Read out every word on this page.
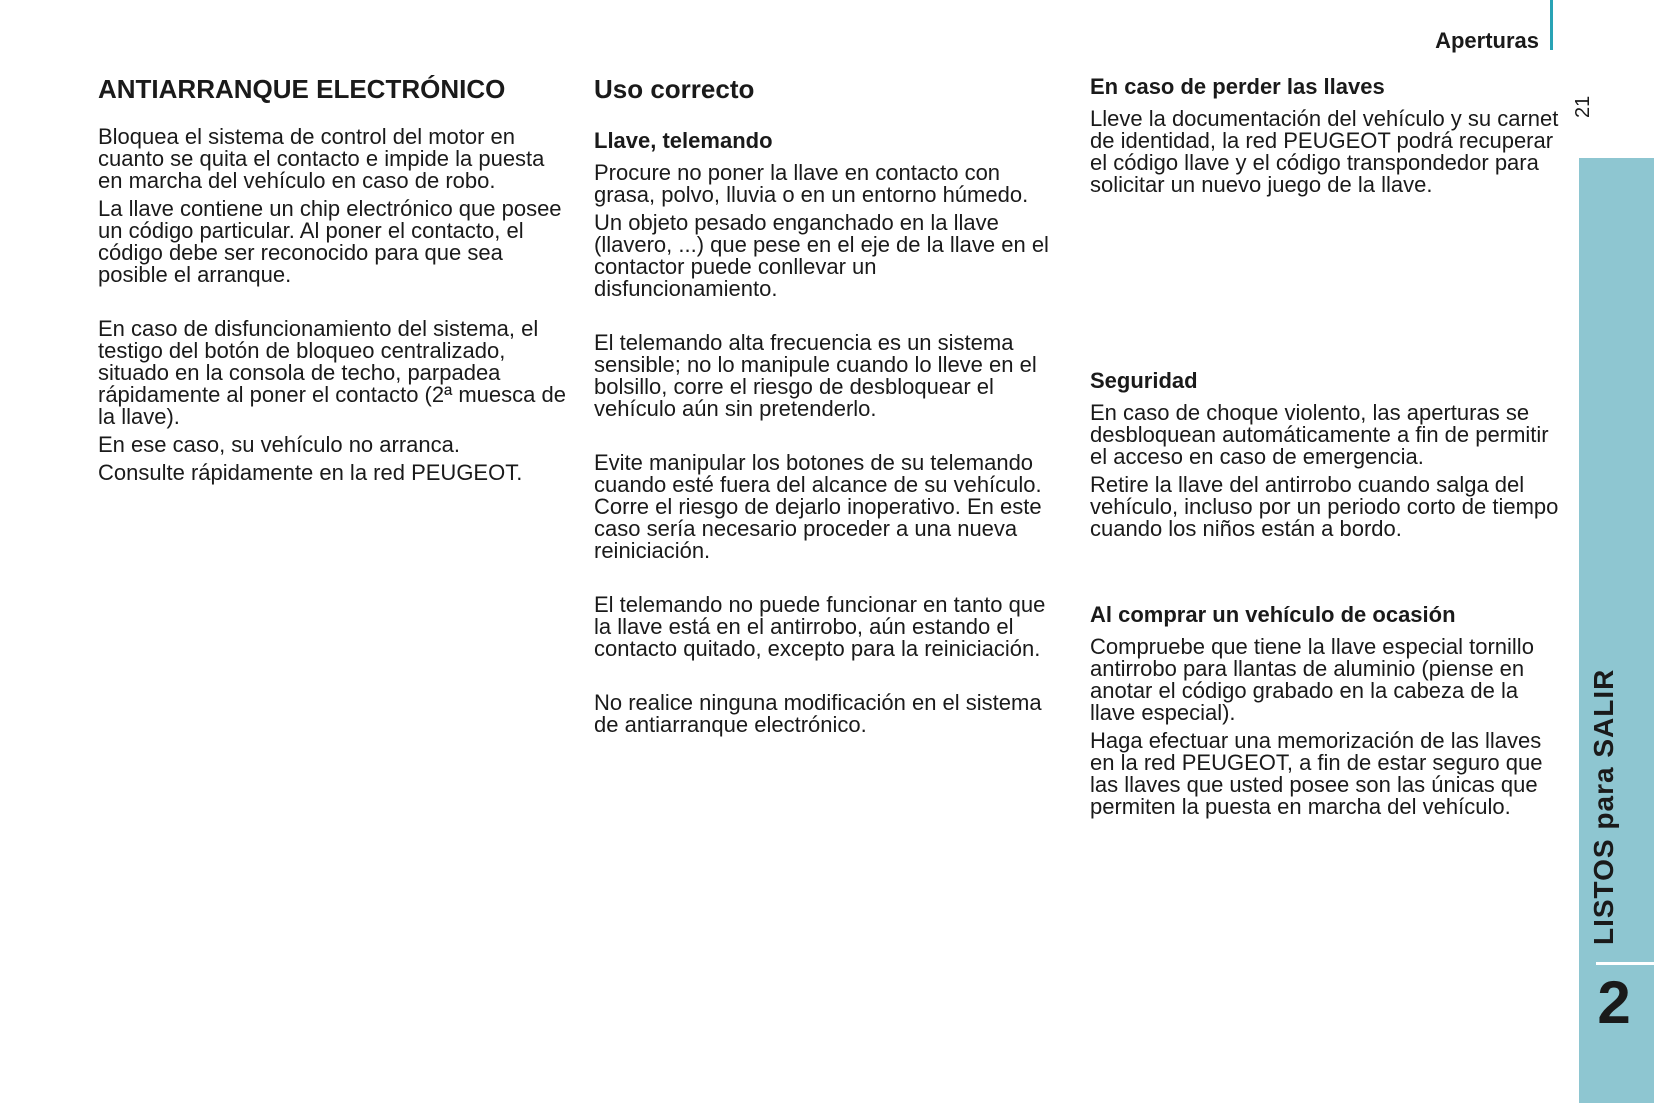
Aperturas
21
LISTOS para SALIR
2
ANTIARRANQUE ELECTRÓNICO

Bloquea el sistema de control del motor en cuanto se quita el contacto e impide la puesta en marcha del vehículo en caso de robo.

La llave contiene un chip electrónico que posee un código particular. Al poner el contacto, el código debe ser reconocido para que sea posible el arranque.

En caso de disfuncionamiento del sistema, el testigo del botón de bloqueo centralizado, situado en la consola de techo, parpadea rápidamente al poner el contacto (2ª muesca de la llave).

En ese caso, su vehículo no arranca.

Consulte rápidamente en la red PEUGEOT.

Uso correcto
Llave, telemando

Procure no poner la llave en contacto con grasa, polvo, lluvia o en un entorno húmedo.

Un objeto pesado enganchado en la llave (llavero, ...) que pese en el eje de la llave en el contactor puede conllevar un disfuncionamiento.

El telemando alta frecuencia es un sistema sensible; no lo manipule cuando lo lleve en el bolsillo, corre el riesgo de desbloquear el vehículo aún sin pretenderlo.

Evite manipular los botones de su telemando cuando esté fuera del alcance de su vehículo. Corre el riesgo de dejarlo inoperativo. En este caso sería necesario proceder a una nueva reiniciación.

El telemando no puede funcionar en tanto que la llave está en el antirrobo, aún estando el contacto quitado, excepto para la reiniciación.

No realice ninguna modificación en el sistema de antiarranque electrónico.

En caso de perder las llaves

Lleve la documentación del vehículo y su carnet de identidad, la red PEUGEOT podrá recuperar el código llave y el código transpondedor para solicitar un nuevo juego de la llave.

Seguridad

En caso de choque violento, las aperturas se desbloquean automáticamente a fin de permitir el acceso en caso de emergencia.

Retire la llave del antirrobo cuando salga del vehículo, incluso por un periodo corto de tiempo cuando los niños están a bordo.

Al comprar un vehículo de ocasión

Compruebe que tiene la llave especial tornillo antirrobo para llantas de aluminio (piense en anotar el código grabado en la cabeza de la llave especial).

Haga efectuar una memorización de las llaves en la red PEUGEOT, a fin de estar seguro que las llaves que usted posee son las únicas que permiten la puesta en marcha del vehículo.
